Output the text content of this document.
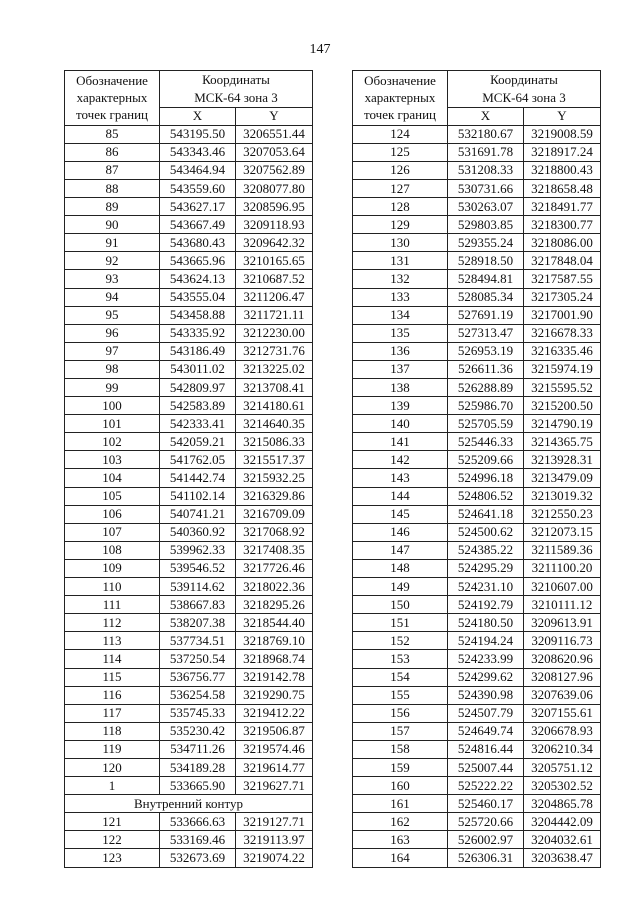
147
Обозначение
характерных
точек границ	Координаты	
	МСК-64 зона 3	
	X	Y
85	543195.50	3206551.44
86	543343.46	3207053.64
87	543464.94	3207562.89
88	543559.60	3208077.80
89	543627.17	3208596.95
90	543667.49	3209118.93
91	543680.43	3209642.32
92	543665.96	3210165.65
93	543624.13	3210687.52
94	543555.04	3211206.47
95	543458.88	3211721.11
96	543335.92	3212230.00
97	543186.49	3212731.76
98	543011.02	3213225.02
99	542809.97	3213708.41
100	542583.89	3214180.61
101	542333.41	3214640.35
102	542059.21	3215086.33
103	541762.05	3215517.37
104	541442.74	3215932.25
105	541102.14	3216329.86
106	540741.21	3216709.09
107	540360.92	3217068.92
108	539962.33	3217408.35
109	539546.52	3217726.46
110	539114.62	3218022.36
111	538667.83	3218295.26
112	538207.38	3218544.40
113	537734.51	3218769.10
114	537250.54	3218968.74
115	536756.77	3219142.78
116	536254.58	3219290.75
117	535745.33	3219412.22
118	535230.42	3219506.87
119	534711.26	3219574.46
120	534189.28	3219614.77
1	533665.90	3219627.71
Внутренний контур		
121	533666.63	3219127.71
122	533169.46	3219113.97
123	532673.69	3219074.22
Обозначение
характерных
точек границ	Координаты	
	МСК-64 зона 3	
	X	Y
124	532180.67	3219008.59
125	531691.78	3218917.24
126	531208.33	3218800.43
127	530731.66	3218658.48
128	530263.07	3218491.77
129	529803.85	3218300.77
130	529355.24	3218086.00
131	528918.50	3217848.04
132	528494.81	3217587.55
133	528085.34	3217305.24
134	527691.19	3217001.90
135	527313.47	3216678.33
136	526953.19	3216335.46
137	526611.36	3215974.19
138	526288.89	3215595.52
139	525986.70	3215200.50
140	525705.59	3214790.19
141	525446.33	3214365.75
142	525209.66	3213928.31
143	524996.18	3213479.09
144	524806.52	3213019.32
145	524641.18	3212550.23
146	524500.62	3212073.15
147	524385.22	3211589.36
148	524295.29	3211100.20
149	524231.10	3210607.00
150	524192.79	3210111.12
151	524180.50	3209613.91
152	524194.24	3209116.73
153	524233.99	3208620.96
154	524299.62	3208127.96
155	524390.98	3207639.06
156	524507.79	3207155.61
157	524649.74	3206678.93
158	524816.44	3206210.34
159	525007.44	3205751.12
160	525222.22	3205302.52
161	525460.17	3204865.78
162	525720.66	3204442.09
163	526002.97	3204032.61
164	526306.31	3203638.47
